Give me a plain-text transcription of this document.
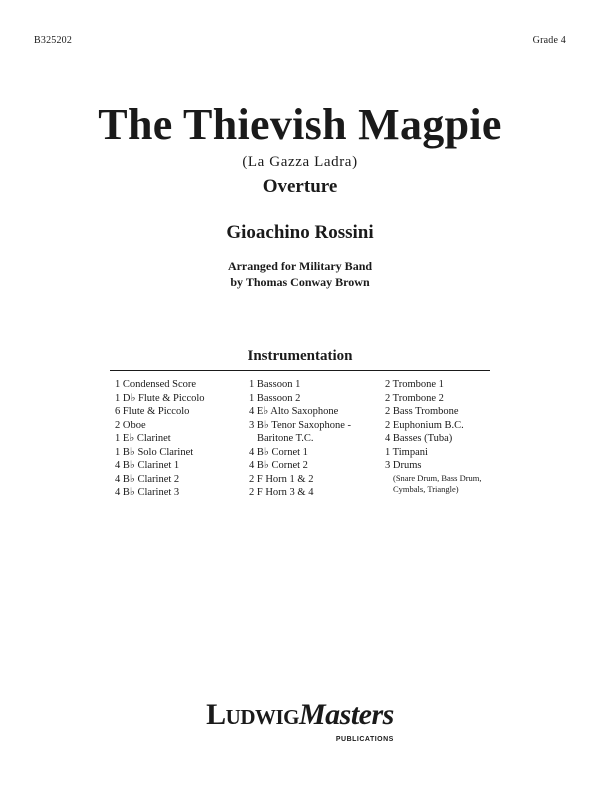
B325202	Grade 4
The Thievish Magpie
(La Gazza Ladra)
Overture
Gioachino Rossini
Arranged for Military Band
by Thomas Conway Brown
Instrumentation
1 Condensed Score
1 D♭ Flute & Piccolo
6 Flute & Piccolo
2 Oboe
1 E♭ Clarinet
1 B♭ Solo Clarinet
4 B♭ Clarinet 1
4 B♭ Clarinet 2
4 B♭ Clarinet 3
1 Bassoon 1
1 Bassoon 2
4 E♭ Alto Saxophone
3 B♭ Tenor Saxophone -
Baritone T.C.
4 B♭ Cornet 1
4 B♭ Cornet 2
2 F Horn 1 & 2
2 F Horn 3 & 4
2 Trombone 1
2 Trombone 2
2 Bass Trombone
2 Euphonium B.C.
4 Basses (Tuba)
1 Timpani
3 Drums
(Snare Drum, Bass Drum,
Cymbals, Triangle)
LudwigMasters
PUBLICATIONS
